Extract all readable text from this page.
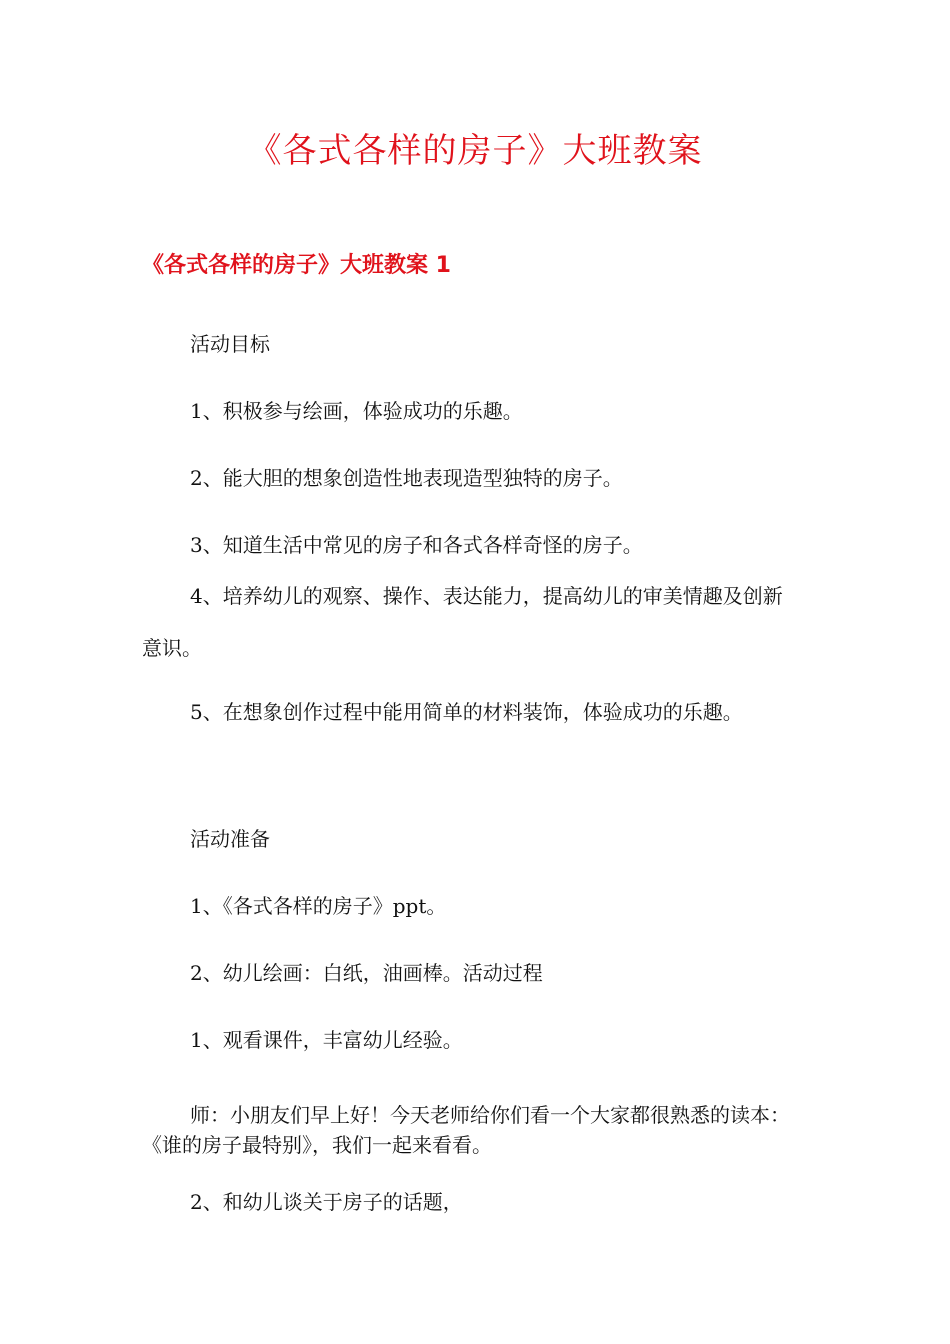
《各式各样的房子》大班教案
《各式各样的房子》大班教案 1

活动目标

1、积极参与绘画，体验成功的乐趣。

2、能大胆的想象创造性地表现造型独特的房子。

3、知道生活中常见的房子和各式各样奇怪的房子。

4、培养幼儿的观察、操作、表达能力，提高幼儿的审美情趣及创新意识。

5、在想象创作过程中能用简单的材料装饰，体验成功的乐趣。

活动准备

1、《各式各样的房子》ppt。

2、幼儿绘画：白纸，油画棒。活动过程

1、观看课件，丰富幼儿经验。

师：小朋友们早上好！今天老师给你们看一个大家都很熟悉的读本：《谁的房子最特别》，我们一起来看看。

2、和幼儿谈关于房子的话题，
